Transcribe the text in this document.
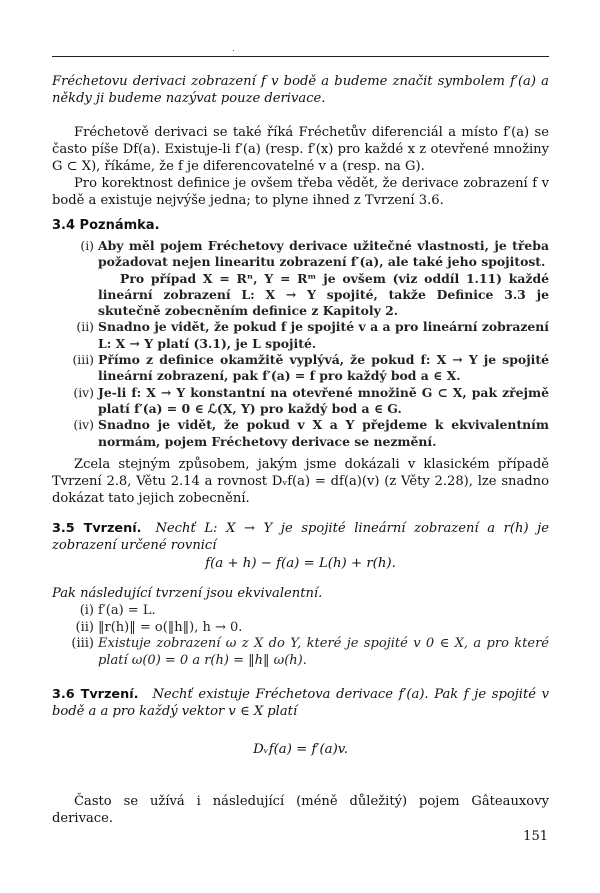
Fréchetovu derivaci zobrazení f v bodě a budeme značit symbolem f′(a) a někdy ji budeme nazývat pouze derivace.
Fréchetově derivaci se také říká Fréchetův diferenciál a místo f′(a) se často píše Df(a). Existuje-li f′(a) (resp. f′(x) pro každé x z otevřené množiny G ⊂ X), říkáme, že f je diferencovatelné v a (resp. na G).
Pro korektnost definice je ovšem třeba vědět, že derivace zobrazení f v bodě a existuje nejvýše jedna; to plyne ihned z Tvrzení 3.6.
3.4 Poznámka.
(i) Aby měl pojem Fréchetovy derivace užitečné vlastnosti, je třeba požadovat nejen linearitu zobrazení f′(a), ale také jeho spojitost.
Pro případ X = Rⁿ, Y = Rᵐ je ovšem (viz oddíl 1.11) každé lineární zobrazení L: X → Y spojité, takže Definice 3.3 je skutečně zobecněním definice z Kapitoly 2.
(ii) Snadno je vidět, že pokud f je spojité v a a pro lineární zobrazení L: X → Y platí (3.1), je L spojité.
(iii) Přímo z definice okamžitě vyplývá, že pokud f: X → Y je spojité lineární zobrazení, pak f′(a) = f pro každý bod a ∈ X.
(iv) Je-li f: X → Y konstantní na otevřené množině G ⊂ X, pak zřejmě platí f′(a) = 0 ∈ ℒ(X, Y) pro každý bod a ∈ G.
(iv) Snadno je vidět, že pokud v X a Y přejdeme k ekvivalentním normám, pojem Fréchetovy derivace se nezmění.
Zcela stejným způsobem, jakým jsme dokázali v klasickém případě Tvrzení 2.8, Větu 2.14 a rovnost Dᵥf(a) = df(a)(v) (z Věty 2.28), lze snadno dokázat tato jejich zobecnění.
3.5 Tvrzení. Nechť L: X → Y je spojité lineární zobrazení a r(h) je zobrazení určené rovnicí
f(a + h) − f(a) = L(h) + r(h).
Pak následující tvrzení jsou ekvivalentní.
(i) f′(a) = L.
(ii) ‖r(h)‖ = o(‖h‖), h → 0.
(iii) Existuje zobrazení ω z X do Y, které je spojité v 0 ∈ X, a pro které platí ω(0) = 0 a r(h) = ‖h‖ ω(h).
3.6 Tvrzení. Nechť existuje Fréchetova derivace f′(a). Pak f je spojité v bodě a a pro každý vektor v ∈ X platí
Dᵥf(a) = f′(a)v.
Často se užívá i následující (méně důležitý) pojem Gâteauxovy derivace.
151
